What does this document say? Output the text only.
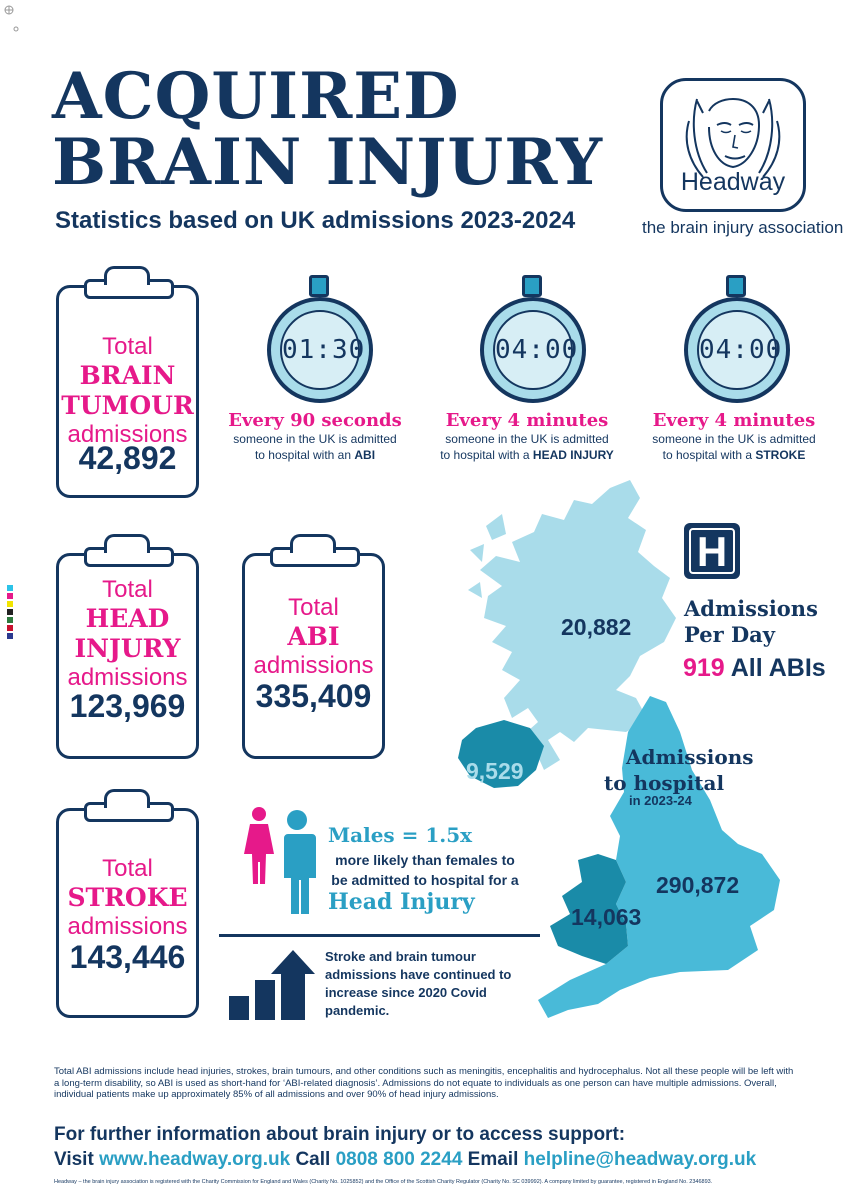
ACQUIRED
BRAIN INJURY
Statistics based on UK admissions 2023-2024
Headway
the brain injury association
Total
BRAIN
TUMOUR
admissions
42,892
01:30
Every 90 seconds
someone in the UK is admitted
to hospital with an ABI
04:00
Every 4 minutes
someone in the UK is admitted
to hospital with a HEAD INJURY
04:00
Every 4 minutes
someone in the UK is admitted
to hospital with a STROKE
20,882
9,529
14,063
290,872
Admissions
to hospital
in 2023-24
H
Admissions
Per Day
919 All ABIs
Total
HEAD
INJURY
admissions
123,969
Total
ABI
admissions
335,409
Total
STROKE
admissions
143,446
Males = 1.5x
more likely than females to
be admitted to hospital for a
Head Injury
Stroke and brain tumour admissions have continued to increase since 2020 Covid pandemic.
Total ABI admissions include head injuries, strokes, brain tumours, and other conditions such as meningitis, encephalitis and hydrocephalus. Not all these people will be left with a long-term disability, so ABI is used as short-hand for ‘ABI-related diagnosis’. Admissions do not equate to individuals as one person can have multiple admissions. Overall, individual patients make up approximately 85% of all admissions and over 90% of head injury admissions.
For further information about brain injury or to access support:
Visit www.headway.org.uk Call 0808 800 2244 Email helpline@headway.org.uk
Headway – the brain injury association is registered with the Charity Commission for England and Wales (Charity No. 1025852) and the Office of the Scottish Charity Regulator (Charity No. SC 039992). A company limited by guarantee, registered in England No. 2346893.
